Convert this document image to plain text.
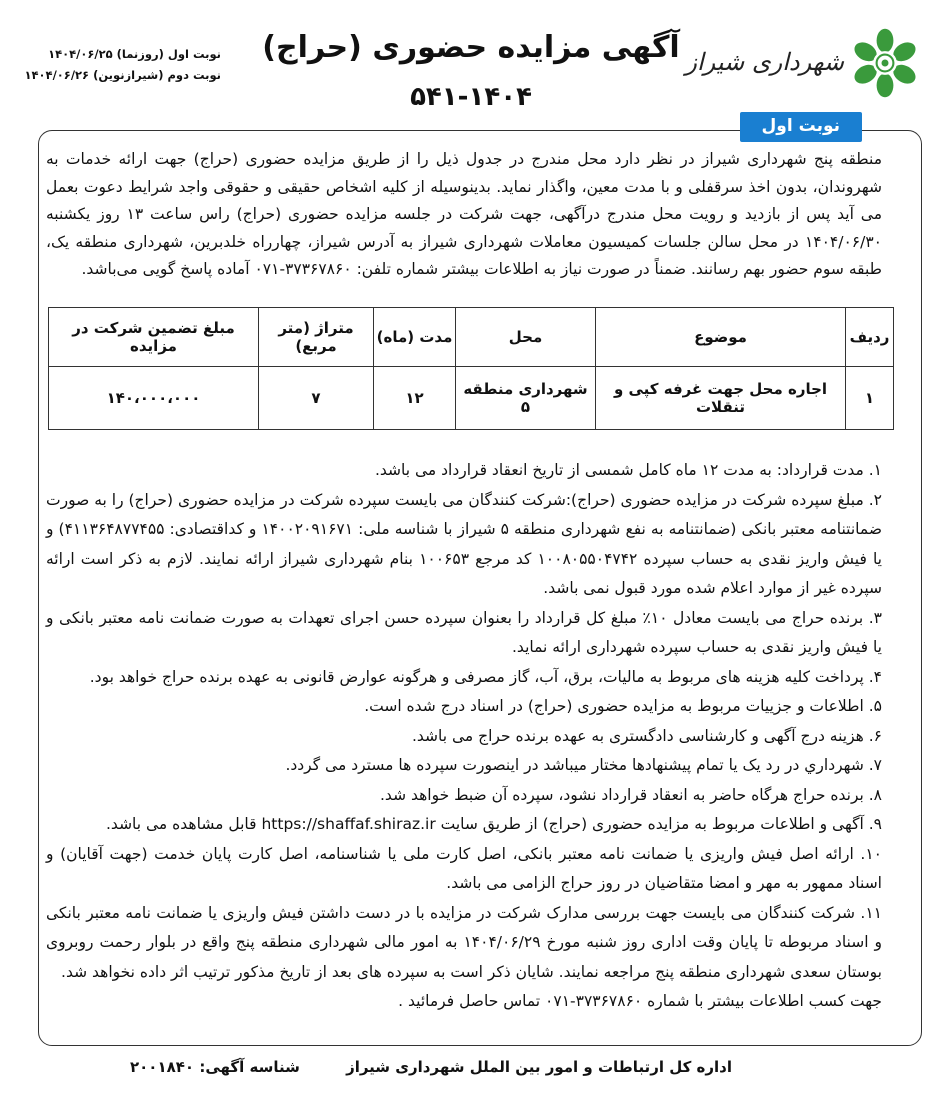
شهرداری شیراز
آگهی مزایده حضوری (حراج)
۵۴۱-۱۴۰۴
نوبت اول (روزنما) ۱۴۰۴/۰۶/۲۵
نوبت دوم (شیرازنوین) ۱۴۰۴/۰۶/۲۶
نوبت اول
منطقه پنج شهرداری شیراز در نظر دارد محل مندرج در جدول ذیل را از طریق مزایده حضوری (حراج) جهت ارائه خدمات به شهروندان، بدون اخذ سرقفلی و با مدت معین، واگذار نماید. بدینوسیله از کلیه اشخاص حقیقی و حقوقی واجد شرایط دعوت بعمل می آید پس از بازدید و رویت محل مندرج درآگهی، جهت شرکت در جلسه مزایده حضوری (حراج) راس ساعت ۱۳ روز یکشنبه ۱۴۰۴/۰۶/۳۰ در محل سالن جلسات کمیسیون معاملات شهرداری شیراز به آدرس شیراز، چهارراه خلدبرین، شهرداری منطقه یک، طبقه سوم حضور بهم رسانند. ضمناً در صورت نیاز به اطلاعات بیشتر شماره تلفن: ۳۷۳۶۷۸۶۰-۰۷۱ آماده پاسخ گویی می‌باشد.
ردیف	موضوع	محل	مدت (ماه)	متراژ (متر مربع)	مبلغ تضمین شرکت در مزایده
۱	اجاره محل جهت غرفه کپی و تنقلات	شهرداری منطقه ۵	۱۲	۷	۱۴۰،۰۰۰،۰۰۰

۱. مدت قرارداد: به مدت ۱۲ ماه کامل شمسی از تاریخ انعقاد قرارداد می باشد.

۲. مبلغ سپرده شرکت در مزایده حضوری (حراج):شرکت کنندگان می بایست سپرده شرکت در مزایده حضوری (حراج) را به صورت ضمانتنامه معتبر بانکی (ضمانتنامه به نفع شهرداری منطقه ۵ شیراز با شناسه ملی: ۱۴۰۰۲۰۹۱۶۷۱ و کداقتصادی: ۴۱۱۳۶۴۸۷۷۴۵۵) و یا فیش واریز نقدی به حساب سپرده ۱۰۰۸۰۵۵۰۴۷۴۲ کد مرجع ۱۰۰۶۵۳ بنام شهرداری شیراز ارائه نمایند. لازم به ذکر است ارائه سپرده غیر از موارد اعلام شده مورد قبول نمی باشد.

۳. برنده حراج می بایست معادل ۱۰٪ مبلغ کل قرارداد را بعنوان سپرده حسن اجرای تعهدات به صورت ضمانت نامه معتبر بانکی و یا فیش واریز نقدی به حساب سپرده شهرداری ارائه نماید.

۴. پرداخت کلیه هزینه های مربوط به مالیات، برق، آب، گاز مصرفی و هرگونه عوارض قانونی به عهده برنده حراج خواهد بود.

۵. اطلاعات و جزییات مربوط به مزایده حضوری (حراج) در اسناد درج شده است.

۶. هزینه درج آگهی و کارشناسی دادگستری به عهده برنده حراج می باشد.

۷. شهرداري در رد يک يا تمام پيشنهادها مختار ميباشد در اينصورت سپرده ها مسترد می گردد.

۸. برنده حراج هرگاه حاضر به انعقاد قرارداد نشود، سپرده آن ضبط خواهد شد.

۹. آگهی و اطلاعات مربوط به مزایده حضوری (حراج) از طریق سایت https://shaffaf.shiraz.ir قابل مشاهده می باشد.

۱۰. ارائه اصل فیش واریزی یا ضمانت نامه معتبر بانکی، اصل کارت ملی یا شناسنامه، اصل کارت پایان خدمت (جهت آقایان) و اسناد ممهور به مهر و امضا متقاضیان در روز حراج الزامی می باشد.

۱۱. شرکت کنندگان می بایست جهت بررسی مدارک شرکت در مزایده با در دست داشتن فیش واریزی یا ضمانت نامه معتبر بانکی و اسناد مربوطه تا پایان وقت اداری روز شنبه مورخ ۱۴۰۴/۰۶/۲۹ به امور مالی شهرداری منطقه پنج واقع در بلوار رحمت روبروی بوستان سعدی شهرداری منطقه پنج مراجعه نمایند. شایان ذکر است به سپرده های بعد از تاریخ مذکور ترتیب اثر داده نخواهد شد.

جهت کسب اطلاعات بیشتر با شماره ۳۷۳۶۷۸۶۰-۰۷۱ تماس حاصل فرمائید .

اداره کل ارتباطات و امور بین الملل شهرداری شیراز
شناسه آگهی: ۲۰۰۱۸۴۰
